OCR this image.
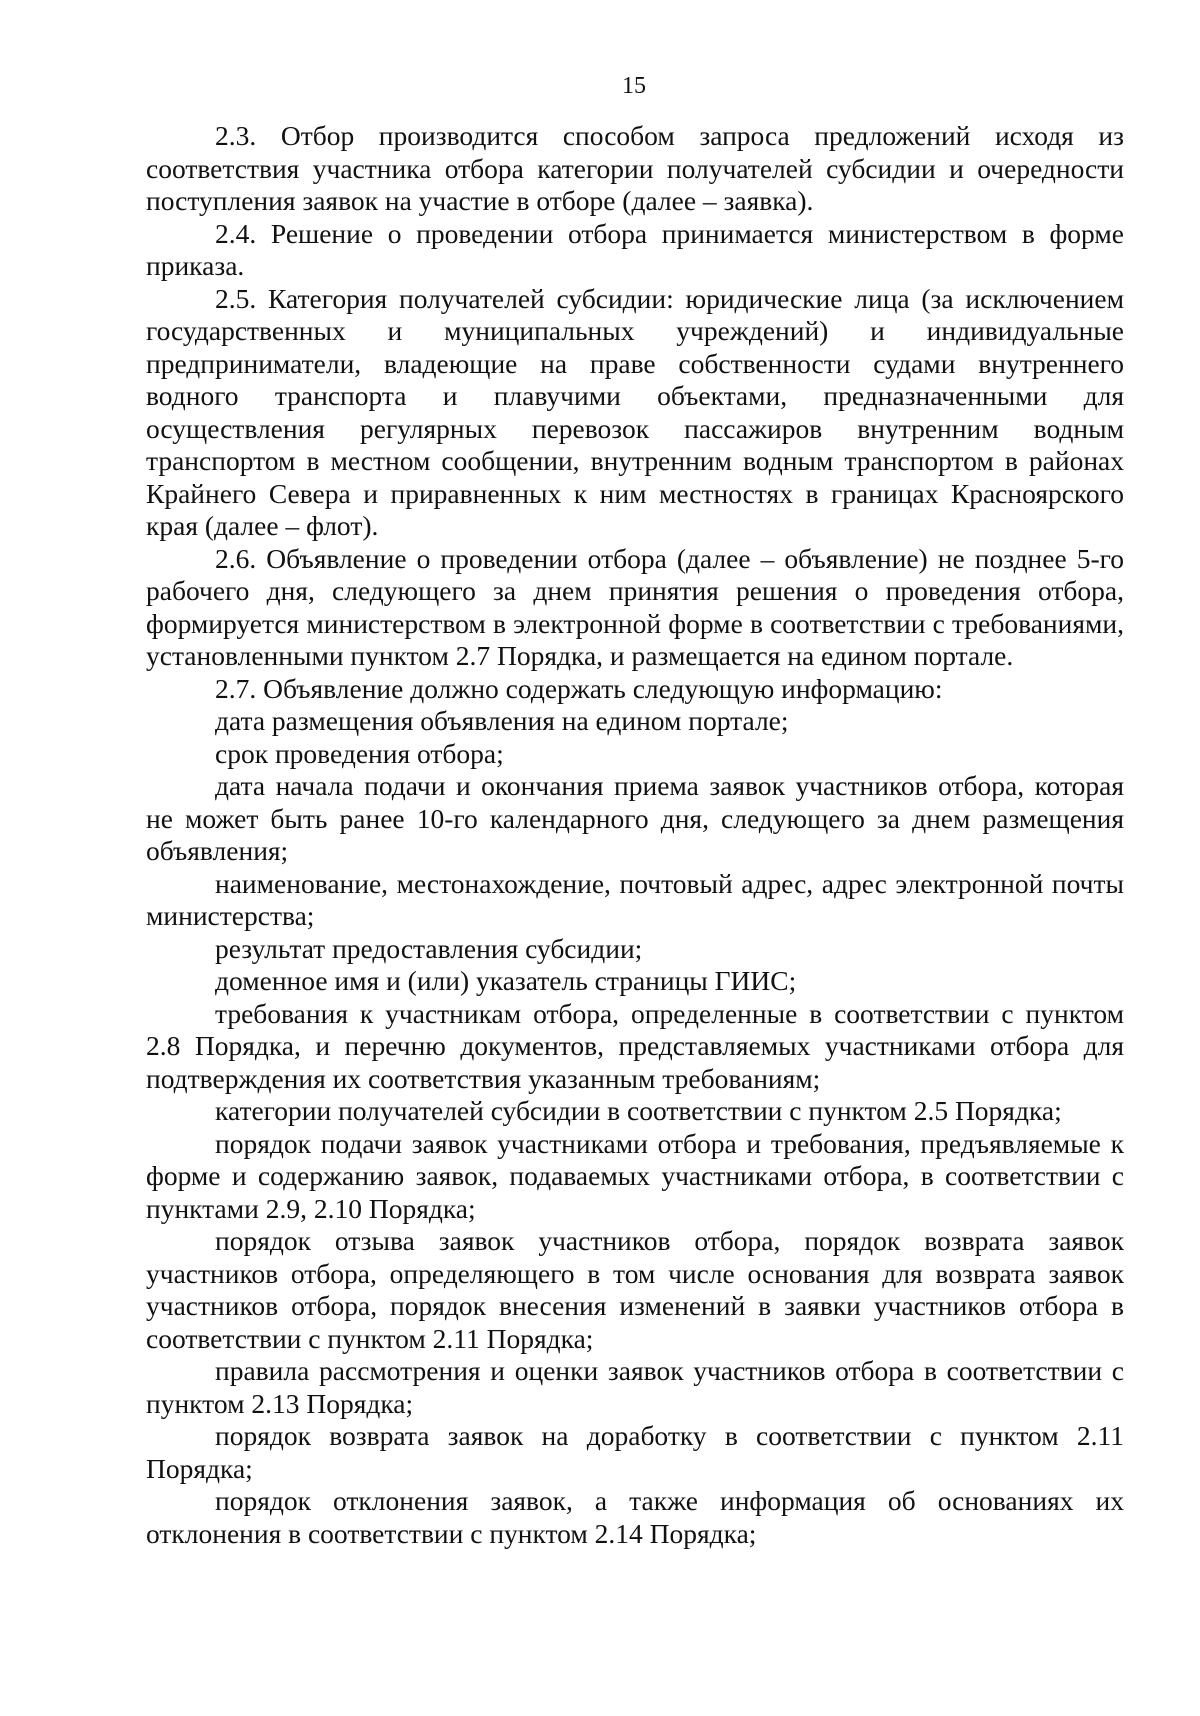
15

2.3. Отбор производится способом запроса предложений исходя из соответствия участника отбора категории получателей субсидии и очередности поступления заявок на участие в отборе (далее – заявка).

2.4. Решение о проведении отбора принимается министерством в форме приказа.

2.5. Категория получателей субсидии: юридические лица (за исключением государственных и муниципальных учреждений) и индивидуальные предприниматели, владеющие на праве собственности судами внутреннего водного транспорта и плавучими объектами, предназначенными для осуществления регулярных перевозок пассажиров внутренним водным транспортом в местном сообщении, внутренним водным транспортом в районах Крайнего Севера и приравненных к ним местностях в границах Красноярского края (далее – флот).

2.6. Объявление о проведении отбора (далее – объявление) не позднее 5-го рабочего дня, следующего за днем принятия решения о проведения отбора, формируется министерством в электронной форме в соответствии с требованиями, установленными пунктом 2.7 Порядка, и размещается на едином портале.

2.7. Объявление должно содержать следующую информацию:

дата размещения объявления на едином портале;

срок проведения отбора;

дата начала подачи и окончания приема заявок участников отбора, которая не может быть ранее 10-го календарного дня, следующего за днем размещения объявления;

наименование, местонахождение, почтовый адрес, адрес электронной почты министерства;

результат предоставления субсидии;

доменное имя и (или) указатель страницы ГИИС;

требования к участникам отбора, определенные в соответствии с пунктом 2.8 Порядка, и перечню документов, представляемых участниками отбора для подтверждения их соответствия указанным требованиям;

категории получателей субсидии в соответствии с пунктом 2.5 Порядка;

порядок подачи заявок участниками отбора и требования, предъявляемые к форме и содержанию заявок, подаваемых участниками отбора, в соответствии с пунктами 2.9, 2.10 Порядка;

порядок отзыва заявок участников отбора, порядок возврата заявок участников отбора, определяющего в том числе основания для возврата заявок участников отбора, порядок внесения изменений в заявки участников отбора в соответствии с пунктом 2.11 Порядка;

правила рассмотрения и оценки заявок участников отбора в соответствии с пунктом 2.13 Порядка;

порядок возврата заявок на доработку в соответствии с пунктом 2.11 Порядка;

порядок отклонения заявок, а также информация об основаниях их отклонения в соответствии с пунктом 2.14 Порядка;
